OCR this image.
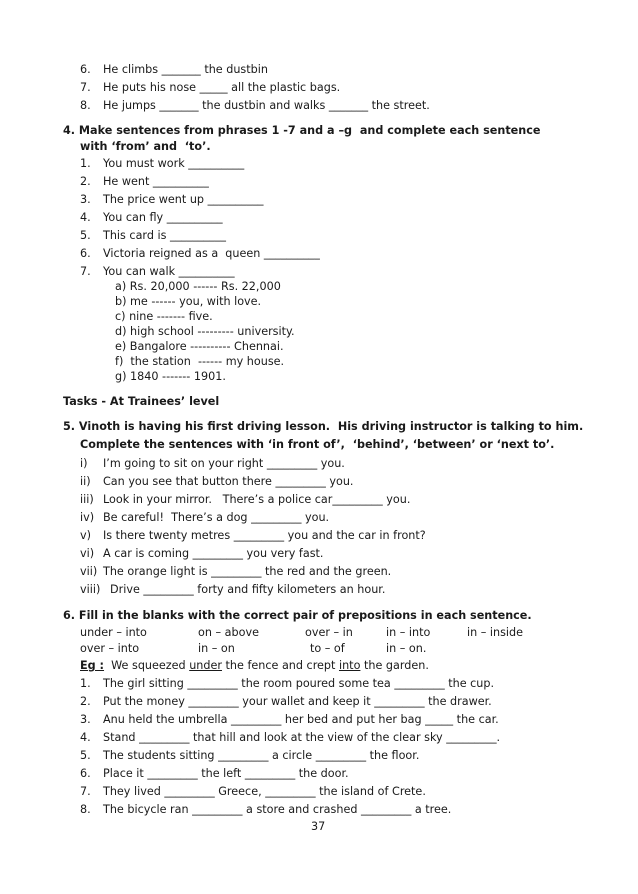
6. He climbs _______ the dustbin
7. He puts his nose _____ all the plastic bags.
8. He jumps _______ the dustbin and walks _______ the street.
4. Make sentences from phrases 1 -7 and a –g  and complete each sentence
with ‘from’ and  ‘to’.
1. You must work __________
2. He went __________
3. The price went up __________
4. You can fly __________
5. This card is __________
6. Victoria reigned as a  queen __________
7. You can walk __________
a) Rs. 20,000 ------ Rs. 22,000
b) me ------ you, with love.
c) nine ------- five.
d) high school --------- university.
e) Bangalore ---------- Chennai.
f)  the station  ------ my house.
g) 1840 ------- 1901.
Tasks - At Trainees’ level
5. Vinoth is having his first driving lesson.  His driving instructor is talking to him.
Complete the sentences with ‘in front of’,  ‘behind’, ‘between’ or ‘next to’.
i) I’m going to sit on your right _________ you.
ii) Can you see that button there _________ you.
iii) Look in your mirror.   There’s a police car_________ you.
iv) Be careful!  There’s a dog _________ you.
v) Is there twenty metres _________ you and the car in front?
vi) A car is coming _________ you very fast.
vii) The orange light is _________ the red and the green.
viii) Drive _________ forty and fifty kilometers an hour.
6. Fill in the blanks with the correct pair of prepositions in each sentence.
under – into	on – above	over – in	in – into	in – inside
over – into	in – on	to – of	in – on.
Eg : We squeezed under the fence and crept into the garden.
1. The girl sitting _________ the room poured some tea _________ the cup.
2. Put the money _________ your wallet and keep it _________ the drawer.
3. Anu held the umbrella _________ her bed and put her bag _____ the car.
4. Stand _________ that hill and look at the view of the clear sky _________.
5. The students sitting _________ a circle _________ the floor.
6. Place it _________ the left _________ the door.
7. They lived _________ Greece, _________ the island of Crete.
8. The bicycle ran _________ a store and crashed _________ a tree.
37
